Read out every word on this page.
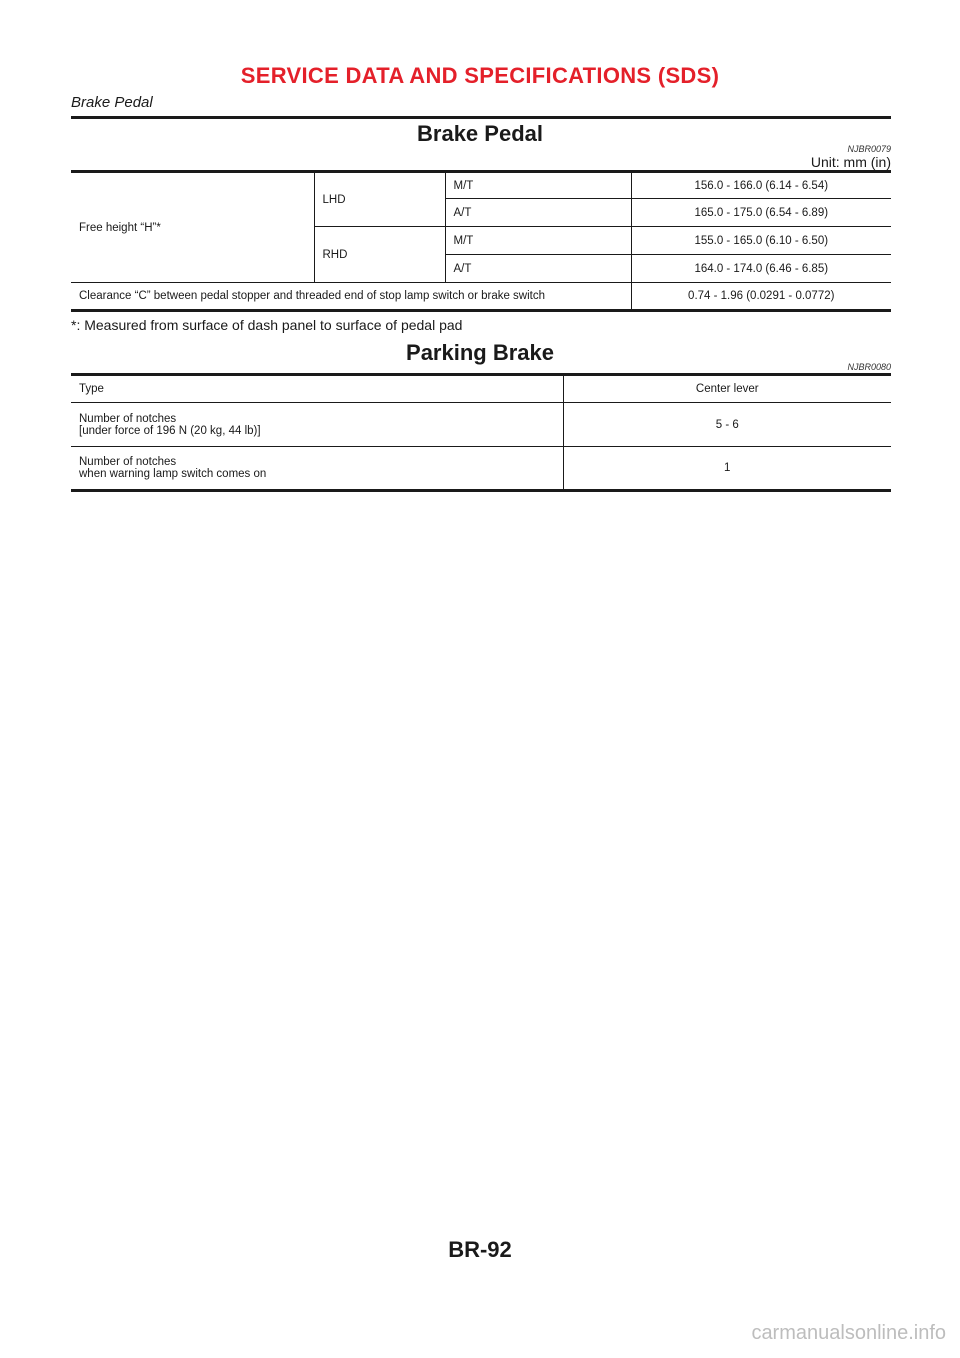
SERVICE DATA AND SPECIFICATIONS (SDS)
Brake Pedal
Brake Pedal
NJBR0079
Unit: mm (in)
Free height “H”*	LHD	M/T	156.0 - 166.0 (6.14 - 6.54)
		A/T	165.0 - 175.0 (6.54 - 6.89)
	RHD	M/T	155.0 - 165.0 (6.10 - 6.50)
		A/T	164.0 - 174.0 (6.46 - 6.85)
Clearance “C” between pedal stopper and threaded end of stop lamp switch or brake switch			0.74 - 1.96 (0.0291 - 0.0772)
*: Measured from surface of dash panel to surface of pedal pad
Parking Brake
NJBR0080
Type	Center lever

Number of notches
[under force of 196 N (20 kg, 44 lb)]	5 - 6

Number of notches
when warning lamp switch comes on	1
BR-92
carmanualsonline.info
